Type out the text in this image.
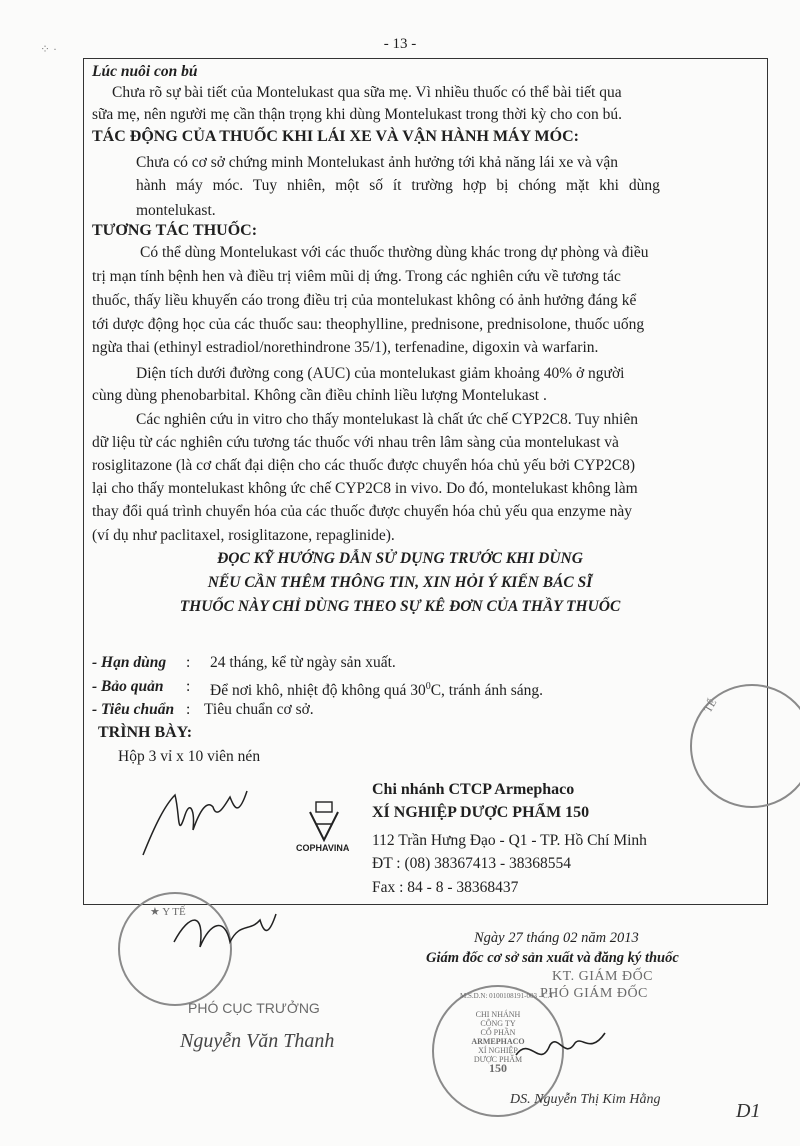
- 13 -
⁘ ·
Lúc nuôi con bú
Chưa rõ sự bài tiết của Montelukast qua sữa mẹ. Vì nhiều thuốc có thể bài tiết qua
sữa mẹ, nên người mẹ cần thận trọng khi dùng Montelukast trong thời kỳ cho con bú.
TÁC ĐỘNG CỦA THUỐC KHI LÁI XE VÀ VẬN HÀNH MÁY MÓC:
Chưa có cơ sở chứng minh Montelukast ảnh hưởng tới khả năng lái xe và vận
hành máy móc. Tuy nhiên, một số ít trường hợp bị chóng mặt khi dùng
montelukast.
TƯƠNG TÁC THUỐC:
Có thể dùng Montelukast với các thuốc thường dùng khác trong dự phòng và điều
trị mạn tính bệnh hen và điều trị viêm mũi dị ứng. Trong các nghiên cứu về tương tác
thuốc, thấy liều khuyến cáo trong điều trị của montelukast không có ảnh hưởng đáng kể
tới dược động học của các thuốc sau: theophylline, prednisone, prednisolone, thuốc uống
ngừa thai (ethinyl estradiol/norethindrone 35/1), terfenadine, digoxin và warfarin.
Diện tích dưới đường cong (AUC) của montelukast giảm khoảng 40% ở người
cùng dùng phenobarbital. Không cần điều chỉnh liều lượng Montelukast .
Các nghiên cứu in vitro cho thấy montelukast là chất ức chế CYP2C8. Tuy nhiên
dữ liệu từ các nghiên cứu tương tác thuốc với nhau trên lâm sàng của montelukast và
rosiglitazone (là cơ chất đại diện cho các thuốc được chuyển hóa chủ yếu bởi CYP2C8)
lại cho thấy montelukast không ức chế CYP2C8 in vivo. Do đó, montelukast không làm
thay đổi quá trình chuyển hóa của các thuốc được chuyển hóa chủ yếu qua enzyme này
(ví dụ như paclitaxel, rosiglitazone, repaglinide).
ĐỌC KỸ HƯỚNG DẪN SỬ DỤNG TRƯỚC KHI DÙNG
NẾU CẦN THÊM THÔNG TIN, XIN HỎI Ý KIẾN BÁC SĨ
THUỐC NÀY CHỈ DÙNG THEO SỰ KÊ ĐƠN CỦA THẦY THUỐC
- Hạn dùng : 24 tháng, kể từ ngày sản xuất.
- Bảo quản : Để nơi khô, nhiệt độ không quá $30^0C$, tránh ánh sáng.
- Tiêu chuẩn : Tiêu chuẩn cơ sở.
TRÌNH BÀY:
Hộp 3 vỉ x 10 viên nén
TẾ
COPHAVINA
Chi nhánh CTCP Armephaco
XÍ NGHIỆP DƯỢC PHẨM 150
112 Trần Hưng Đạo - Q1 - TP. Hồ Chí Minh
ĐT : (08) 38367413 - 38368554
Fax : 84 - 8 - 38368437
★ Y TẾ
PHÓ CỤC TRƯỞNG
Nguyễn Văn Thanh
Ngày 27 tháng 02 năm 2013
Giám đốc cơ sở sản xuất và đăng ký thuốc
KT. GIÁM ĐỐC
PHÓ GIÁM ĐỐC
M.S.D.N: 0100108191-003 - C.T
CHI NHÁNH
CÔNG TY
CỔ PHẦN
ARMEPHACO
XÍ NGHIỆP
DƯỢC PHẨM
150
DS. Nguyễn Thị Kim Hằng
D1
